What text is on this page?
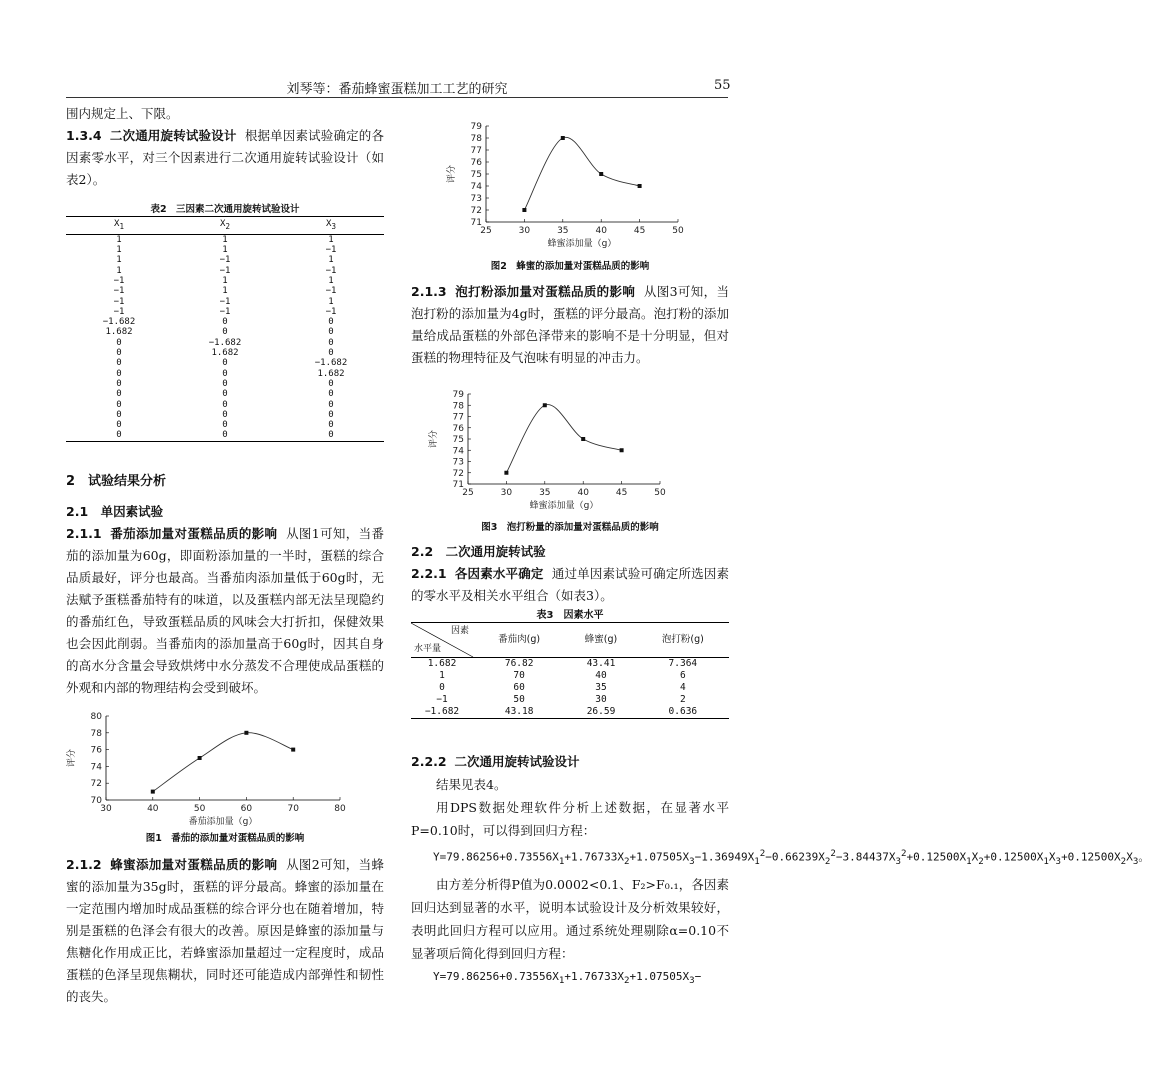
刘琴等：番茄蜂蜜蛋糕加工工艺的研究	55

围内规定上、下限。

1.3.4 二次通用旋转试验设计 根据单因素试验确定的各因素零水平，对三个因素进行二次通用旋转试验设计（如表2）。

表2　三因素二次通用旋转试验设计
$X_1$	$X_2$	$X_3$
1	1	1
1	1	−1
1	−1	1
1	−1	−1
−1	1	1
−1	1	−1
−1	−1	1
−1	−1	−1
−1.682	0	0
1.682	0	0
0	−1.682	0
0	1.682	0
0	0	−1.682
0	0	1.682
0	0	0
0	0	0
0	0	0
0	0	0
0	0	0
0	0	0

2　试验结果分析

2.1　单因素试验

2.1.1 番茄添加量对蛋糕品质的影响 从图1可知，当番茄的添加量为60g，即面粉添加量的一半时，蛋糕的综合品质最好，评分也最高。当番茄肉添加量低于60g时，无法赋予蛋糕番茄特有的味道，以及蛋糕内部无法呈现隐约的番茄红色，导致蛋糕品质的风味会大打折扣，保健效果也会因此削弱。当番茄肉的添加量高于60g时，因其自身的高水分含量会导致烘烤中水分蒸发不合理使成品蛋糕的外观和内部的物理结构会受到破坏。

70
72
74
76
78
80
30	40	50	60	70	80
番茄添加量（g）
评分
图1　番茄的添加量对蛋糕品质的影响

2.1.2 蜂蜜添加量对蛋糕品质的影响 从图2可知，当蜂蜜的添加量为35g时，蛋糕的评分最高。蜂蜜的添加量在一定范围内增加时成品蛋糕的综合评分也在随着增加，特别是蛋糕的色泽会有很大的改善。原因是蜂蜜的添加量与焦糖化作用成正比，若蜂蜜添加量超过一定程度时，成品蛋糕的色泽呈现焦糊状，同时还可能造成内部弹性和韧性的丧失。

71
72
73
74
75
76
77
78
79
25	30	35	40	45	50
蜂蜜添加量（g）
评分
图2　蜂蜜的添加量对蛋糕品质的影响

2.1.3 泡打粉添加量对蛋糕品质的影响 从图3可知，当泡打粉的添加量为4g时，蛋糕的评分最高。泡打粉的添加量给成品蛋糕的外部色泽带来的影响不是十分明显，但对蛋糕的物理特征及气泡味有明显的冲击力。

71
72
73
74
75
76
77
78
79
25	30	35	40	45	50
蜂蜜添加量（g）
评分
图3　泡打粉量的添加量对蛋糕品质的影响

2.2　二次通用旋转试验

2.2.1 各因素水平确定 通过单因素试验可确定所选因素的零水平及相关水平组合（如表3）。

表3　因素水平
因素
水平量	番茄肉(g)	蜂蜜(g)	泡打粉(g)
1.682	76.82	43.41	7.364
1	70	40	6
0	60	35	4
−1	50	30	2
−1.682	43.18	26.59	0.636

2.2.2 二次通用旋转试验设计

结果见表4。

用DPS数据处理软件分析上述数据，在显著水平P=0.10时，可以得到回归方程：

$Y=79.86256+0.73556X_1+1.76733X_2+1.07505X_3-1.36949X_1^2-0.66239X_2^2-3.84437X_3^2+0.12500X_1X_2+0.12500X_1X_3+0.12500X_2X_3$。

由方差分析得P值为0.0002<0.1、F₂>F₀.₁，各因素回归达到显著的水平，说明本试验设计及分析效果较好，表明此回归方程可以应用。通过系统处理剔除α=0.10不显著项后简化得到回归方程：

$Y=79.86256+0.73556X_1+1.76733X_2+1.07505X_3-$
